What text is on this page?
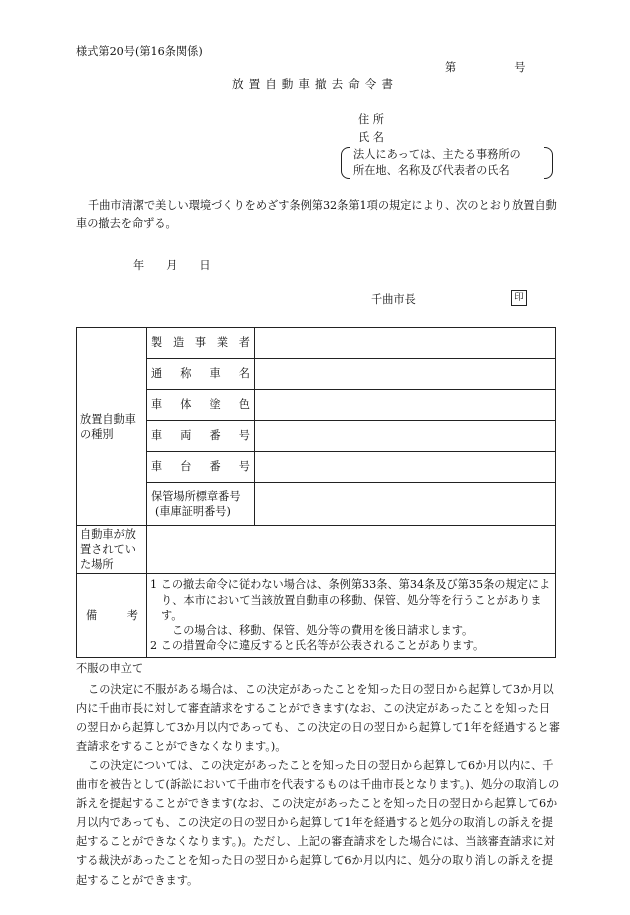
様式第20号(第16条関係)
第	号
放置自動車撤去命令書
住 所
氏 名
法人にあっては、主たる事務所の
所在地、名称及び代表者の氏名
千曲市清潔で美しい環境づくりをめざす条例第32条第1項の規定により、次のとおり放置自動車の撤去を命ずる。
年 月 日
千曲市長	印
放置自動車の種別	製 造 事 業 者	

	通 称 車 名	

	車 体 塗 色	

	車 両 番 号	

	車 台 番 号	

	保管場所標章番号
(車庫証明番号)	

自動車が放置されていた場所		

備 考	1 この撤去命令に従わない場合は、条例第33条、第34条及び第35条の規定により、本市において当該放置自動車の移動、保管、処分等を行うことがあります。
この場合は、移動、保管、処分等の費用を後日請求します。
2 この措置命令に違反すると氏名等が公表されることがあります。	
不服の申立て
この決定に不服がある場合は、この決定があったことを知った日の翌日から起算して3か月以内に千曲市長に対して審査請求をすることができます(なお、この決定があったことを知った日の翌日から起算して3か月以内であっても、この決定の日の翌日から起算して1年を経過すると審査請求をすることができなくなります。)。
この決定については、この決定があったことを知った日の翌日から起算して6か月以内に、千曲市を被告として(訴訟において千曲市を代表するものは千曲市長となります。)、処分の取消しの訴えを提起することができます(なお、この決定があったことを知った日の翌日から起算して6か月以内であっても、この決定の日の翌日から起算して1年を経過すると処分の取消しの訴えを提起することができなくなります。)。ただし、上記の審査請求をした場合には、当該審査請求に対する裁決があったことを知った日の翌日から起算して6か月以内に、処分の取り消しの訴えを提起することができます。
